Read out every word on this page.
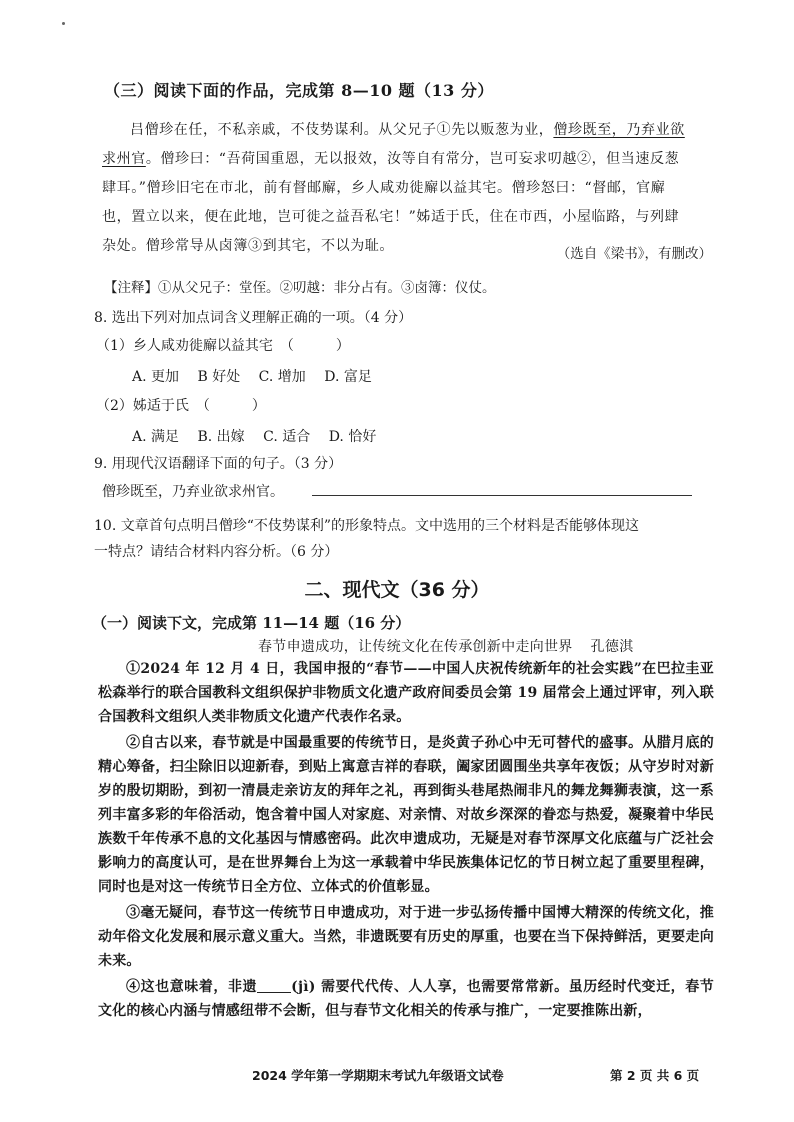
（三）阅读下面的作品，完成第 8—10 题（13 分）

吕僧珍在任，不私亲戚，不伎势谋利。从父兄子①先以贩葱为业，僧珍既至，乃弃业欲

求州官。僧珍曰：“吾荷国重恩，无以报效，汝等自有常分，岂可妄求叨越②，但当速反葱
肆耳。”僧珍旧宅在市北，前有督邮廨，乡人咸劝徙廨以益其宅。僧珍怒曰：“督邮，官廨
也，置立以来，便在此地，岂可徙之益吾私宅！”姊适于氏，住在市西，小屋临路，与列肆
杂处。僧珍常导从卤簿③到其宅，不以为耻。	（选自《梁书》，有删改）
【注释】①从父兄子：堂侄。②叨越：非分占有。③卤簿：仪仗。
8. 选出下列对加点词含义理解正确的一项。（4 分）
（1）乡人咸劝徙廨以益其宅　（　　　）
A. 更加 B 好处 C. 增加 D. 富足
（2）姊适于氏　（　　　）
A. 满足 B. 出嫁 C. 适合 D. 恰好
9. 用现代汉语翻译下面的句子。（3 分）
僧珍既至，乃弃业欲求州官。
10. 文章首句点明吕僧珍“不伎势谋利”的形象特点。文中选用的三个材料是否能够体现这
一特点？请结合材料内容分析。（6 分）
二、现代文（36 分）
（一）阅读下文，完成第 11—14 题（16 分）
春节申遗成功，让传统文化在传承创新中走向世界 孔德淇

①2024 年 12 月 4 日，我国申报的“春节——中国人庆祝传统新年的社会实践”在巴拉圭亚松森举行的联合国教科文组织保护非物质文化遗产政府间委员会第 19 届常会上通过评审，列入联合国教科文组织人类非物质文化遗产代表作名录。

②自古以来，春节就是中国最重要的传统节日，是炎黄子孙心中无可替代的盛事。从腊月底的精心筹备，扫尘除旧以迎新春，到贴上寓意吉祥的春联，阖家团圆围坐共享年夜饭；从守岁时对新岁的殷切期盼，到初一清晨走亲访友的拜年之礼，再到街头巷尾热闹非凡的舞龙舞狮表演，这一系列丰富多彩的年俗活动，饱含着中国人对家庭、对亲情、对故乡深深的眷恋与热爱，凝聚着中华民族数千年传承不息的文化基因与情感密码。此次申遗成功，无疑是对春节深厚文化底蕴与广泛社会影响力的高度认可，是在世界舞台上为这一承载着中华民族集体记忆的节日树立起了重要里程碑，同时也是对这一传统节日全方位、立体式的价值彰显。

③毫无疑问，春节这一传统节日申遗成功，对于进一步弘扬传播中国博大精深的传统文化，推动年俗文化发展和展示意义重大。当然，非遗既要有历史的厚重，也要在当下保持鲜活，更要走向未来。

④这也意味着，非遗 (jì) 需要代代传、人人享，也需要常常新。虽历经时代变迁，春节文化的核心内涵与情感纽带不会断，但与春节文化相关的传承与推广，一定要推陈出新，

2024 学年第一学期期末考试九年级语文试卷	第 2 页 共 6 页
